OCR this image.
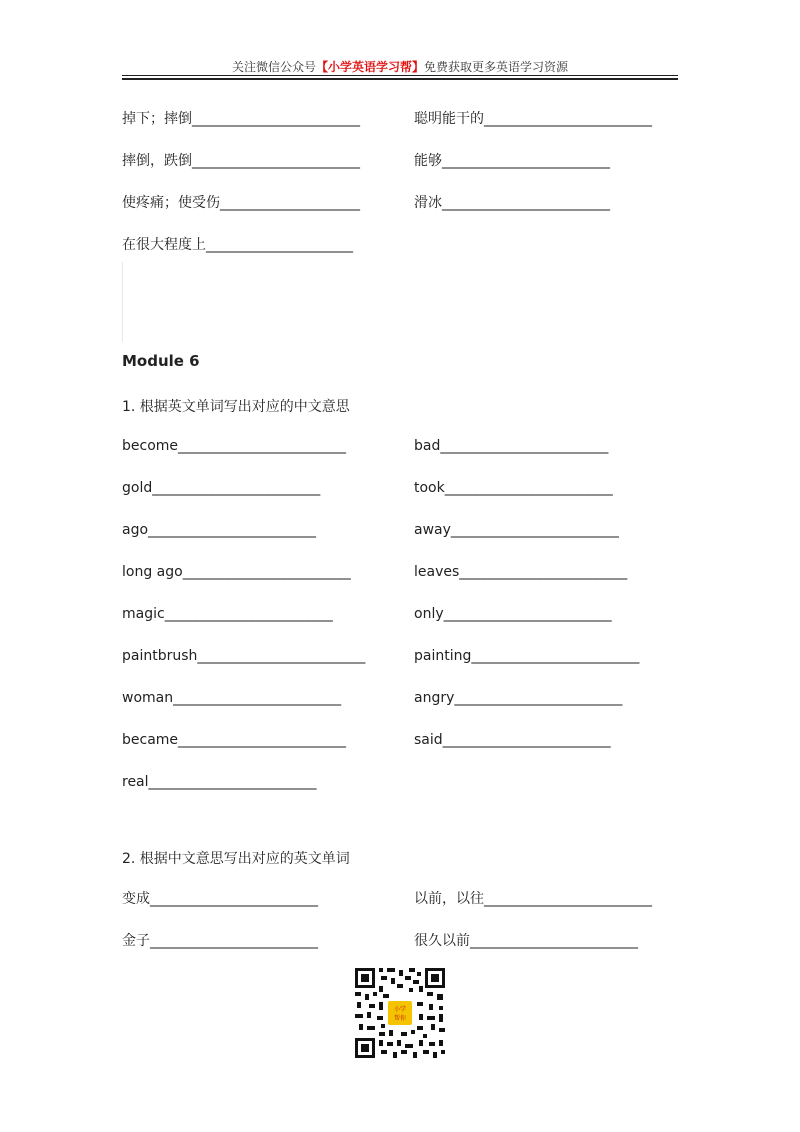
关注微信公众号【小学英语学习帮】免费获取更多英语学习资源
掉下；摔倒________________________	聪明能干的________________________
摔倒，跌倒________________________	能够________________________
使疼痛；使受伤____________________	滑冰________________________
在很大程度上_____________________
Module 6
1. 根据英文单词写出对应的中文意思
become________________________	bad________________________
gold________________________	took________________________
ago________________________	away________________________
long ago________________________	leaves________________________
magic________________________	only________________________
paintbrush________________________	painting________________________
woman________________________	angry________________________
became________________________	said________________________
real________________________
2. 根据中文意思写出对应的英文单词
变成________________________	以前，以往________________________
金子________________________	很久以前________________________
小学
帮你
